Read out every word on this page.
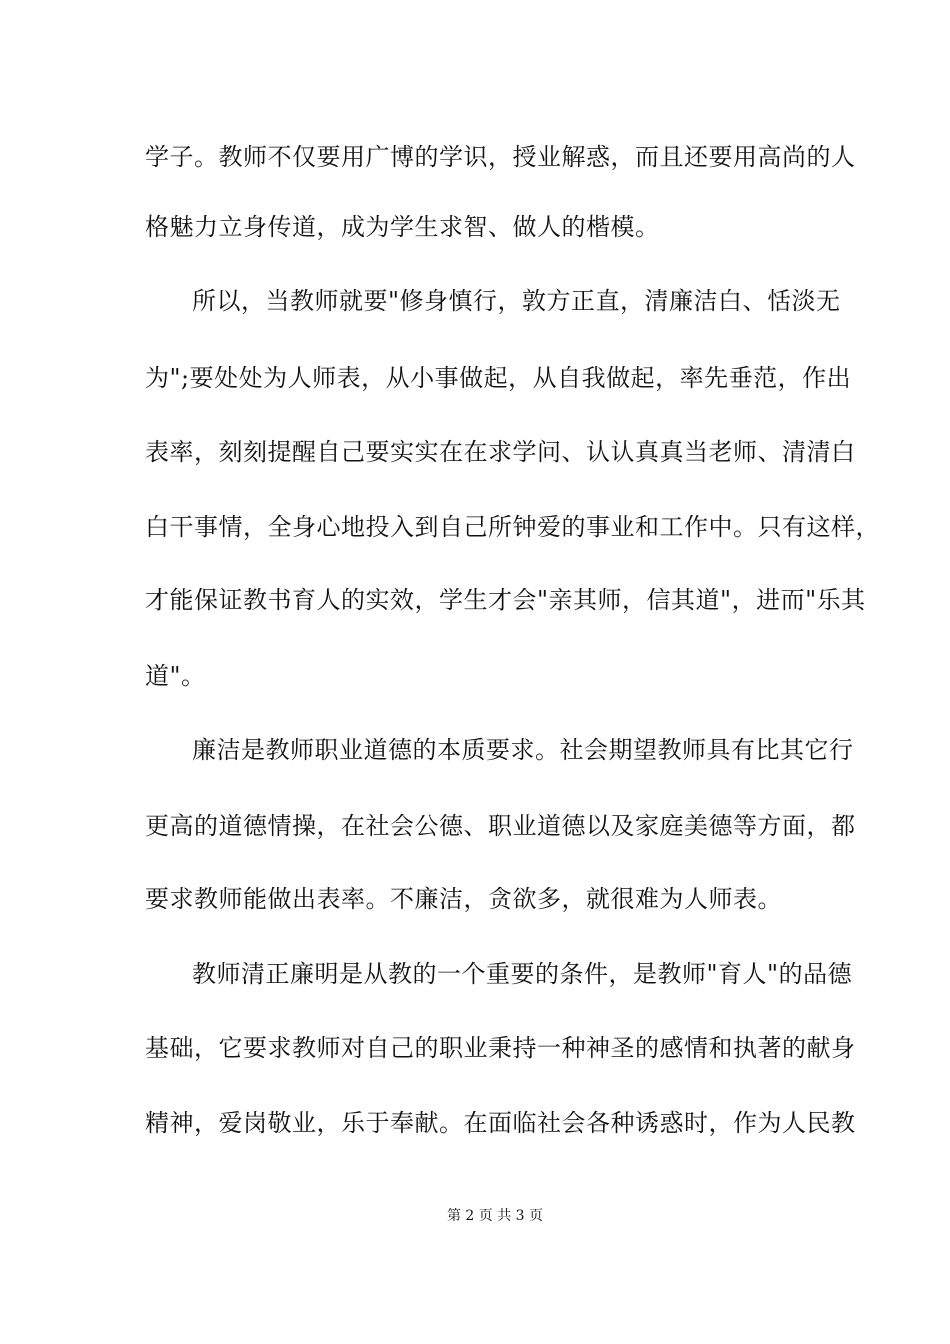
学子。教师不仅要用广博的学识，授业解惑，而且还要用高尚的人
格魅力立身传道，成为学生求智、做人的楷模。
所以，当教师就要"修身慎行，敦方正直，清廉洁白、恬淡无
为";要处处为人师表，从小事做起，从自我做起，率先垂范，作出
表率，刻刻提醒自己要实实在在求学问、认认真真当老师、清清白
白干事情，全身心地投入到自己所钟爱的事业和工作中。只有这样，
才能保证教书育人的实效，学生才会"亲其师，信其道"，进而"乐其
道"。
廉洁是教师职业道德的本质要求。社会期望教师具有比其它行
更高的道德情操，在社会公德、职业道德以及家庭美德等方面，都
要求教师能做出表率。不廉洁，贪欲多，就很难为人师表。
教师清正廉明是从教的一个重要的条件，是教师"育人"的品德
基础，它要求教师对自己的职业秉持一种神圣的感情和执著的献身
精神，爱岗敬业，乐于奉献。在面临社会各种诱惑时，作为人民教
第 2 页 共 3 页
